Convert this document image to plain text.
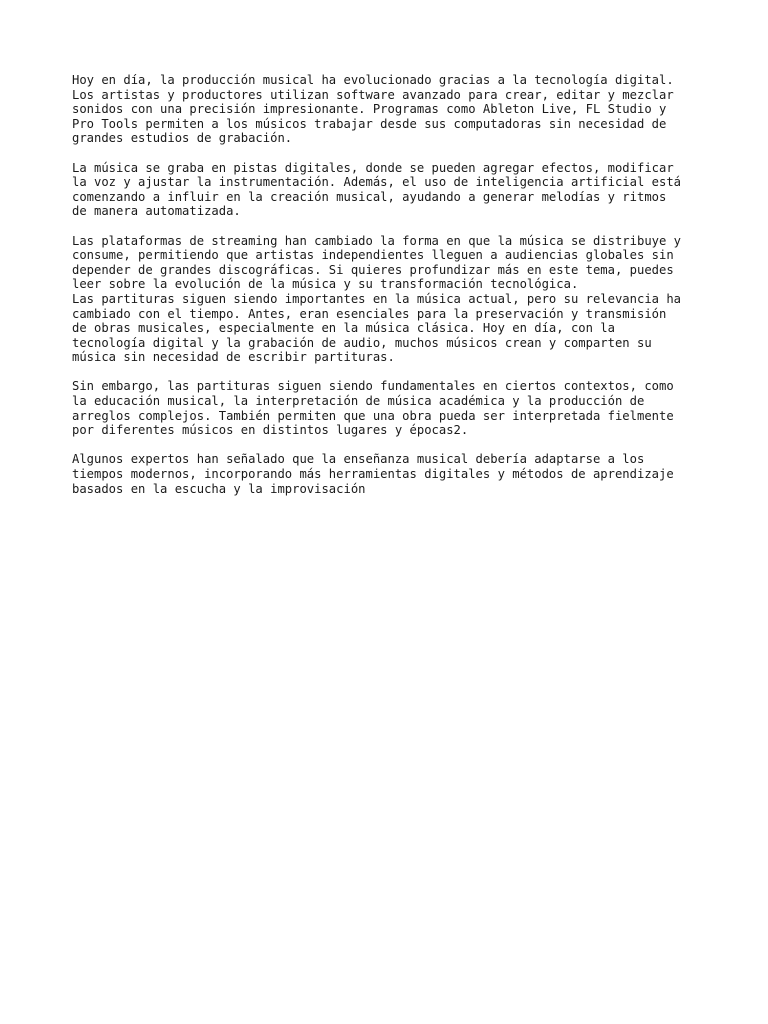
Hoy en día, la producción musical ha evolucionado gracias a la tecnología digital.
Los artistas y productores utilizan software avanzado para crear, editar y mezclar
sonidos con una precisión impresionante. Programas como Ableton Live, FL Studio y
Pro Tools permiten a los músicos trabajar desde sus computadoras sin necesidad de
grandes estudios de grabación.

La música se graba en pistas digitales, donde se pueden agregar efectos, modificar
la voz y ajustar la instrumentación. Además, el uso de inteligencia artificial está
comenzando a influir en la creación musical, ayudando a generar melodías y ritmos
de manera automatizada.

Las plataformas de streaming han cambiado la forma en que la música se distribuye y
consume, permitiendo que artistas independientes lleguen a audiencias globales sin
depender de grandes discográficas. Si quieres profundizar más en este tema, puedes
leer sobre la evolución de la música y su transformación tecnológica.

Las partituras siguen siendo importantes en la música actual, pero su relevancia ha
cambiado con el tiempo. Antes, eran esenciales para la preservación y transmisión
de obras musicales, especialmente en la música clásica. Hoy en día, con la
tecnología digital y la grabación de audio, muchos músicos crean y comparten su
música sin necesidad de escribir partituras.

Sin embargo, las partituras siguen siendo fundamentales en ciertos contextos, como
la educación musical, la interpretación de música académica y la producción de
arreglos complejos. También permiten que una obra pueda ser interpretada fielmente
por diferentes músicos en distintos lugares y épocas2.

Algunos expertos han señalado que la enseñanza musical debería adaptarse a los
tiempos modernos, incorporando más herramientas digitales y métodos de aprendizaje
basados en la escucha y la improvisación
